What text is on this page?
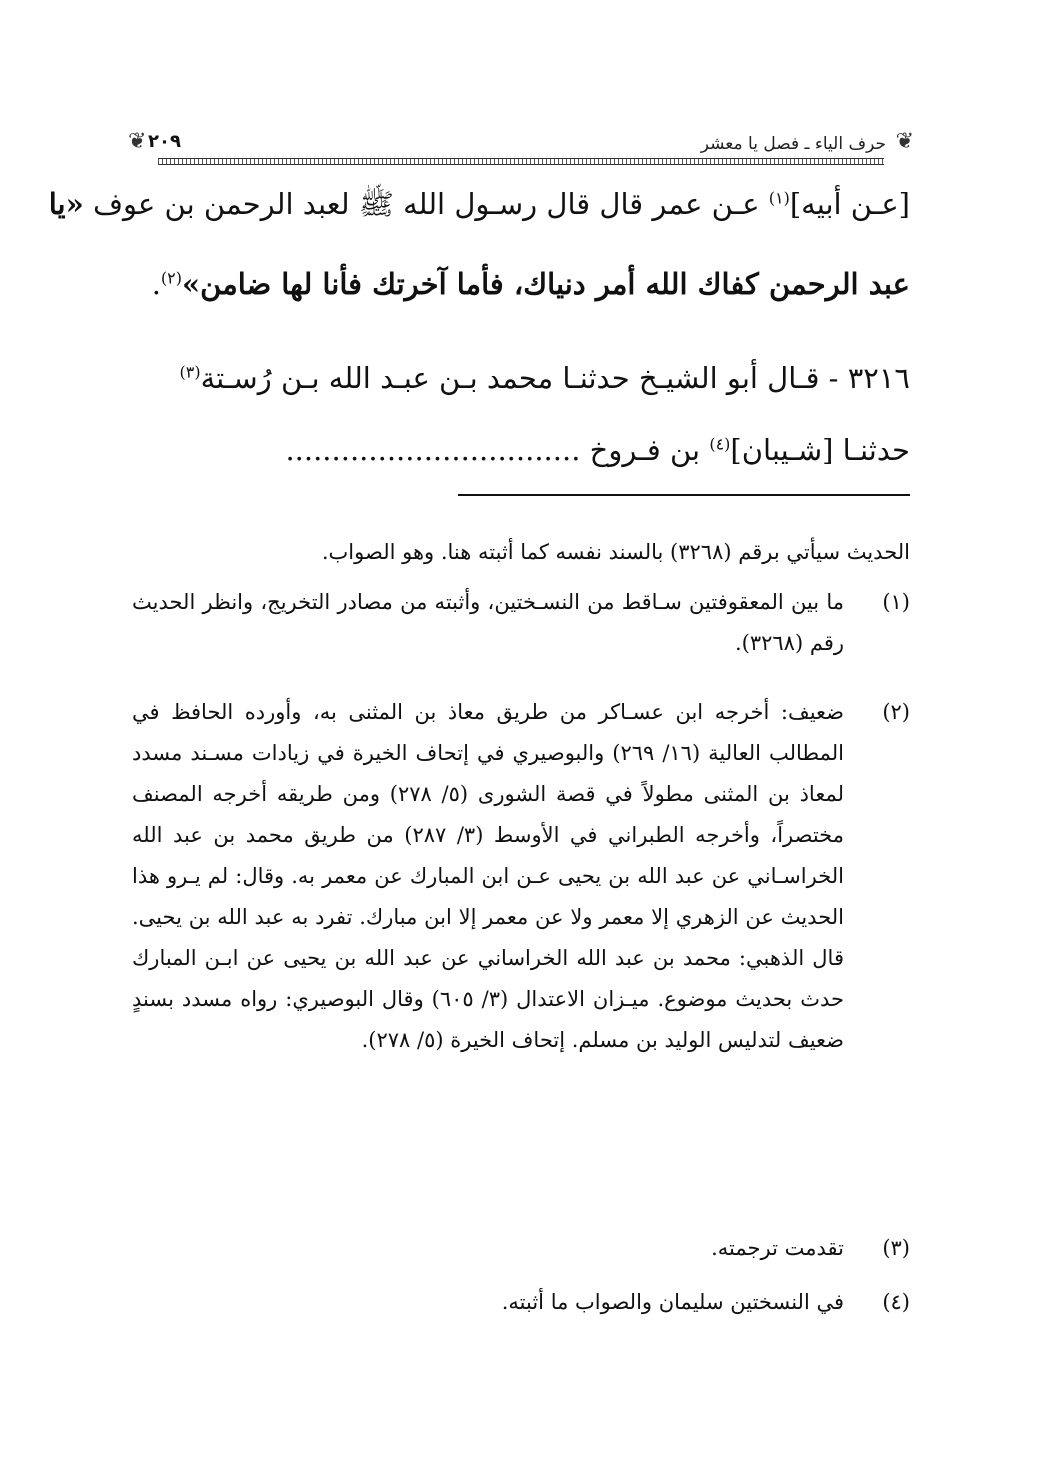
❦
حرف الياء ـ فصل يا معشر
٢٠٩
❦
[عـن أبيه]$^{(١)}$ عـن عمر قال قال رسـول الله ﷺ لعبد الرحمن بن عوف «يا
عبد الرحمن كفاك الله أمر دنياك، فأما آخرتك فأنا لها ضامن»$^{(٢)}$.
٣٢١٦ - قـال أبو الشيـخ حدثنـا محمد بـن عبـد الله بـن رُسـتة$^{(٣)}$
حدثنـا [شـيبان]$^{(٤)}$ بن فـروخ ................................
الحديث سيأتي برقم (٣٢٦٨) بالسند نفسه كما أثبته هنا. وهو الصواب.
(١)
ما بين المعقوفتين سـاقط من النسـختين، وأثبته من مصادر التخريج، وانظر الحديث رقم (٣٢٦٨).
(٢)
ضعيف: أخرجه ابن عسـاكر من طريق معاذ بن المثنى به، وأورده الحافظ في المطالب العالية (١٦/ ٢٦٩) والبوصيري في إتحاف الخيرة في زيادات مسـند مسدد لمعاذ بن المثنى مطولاً في قصة الشورى (٥/ ٢٧٨) ومن طريقه أخرجه المصنف مختصراً، وأخرجه الطبراني في الأوسط (٣/ ٢٨٧) من طريق محمد بن عبد الله الخراسـاني عن عبد الله بن يحيى عـن ابن المبارك عن معمر به. وقال: لم يـرو هذا الحديث عن الزهري إلا معمر ولا عن معمر إلا ابن مبارك. تفرد به عبد الله بن يحيى. قال الذهبي: محمد بن عبد الله الخراساني عن عبد الله بن يحيى عن ابـن المبارك حدث بحديث موضوع. ميـزان الاعتدال (٣/ ٦٠٥) وقال البوصيري: رواه مسدد بسندٍ ضعيف لتدليس الوليد بن مسلم. إتحاف الخيرة (٥/ ٢٧٨).
(٣)
تقدمت ترجمته.
(٤)
في النسختين سليمان والصواب ما أثبته.
